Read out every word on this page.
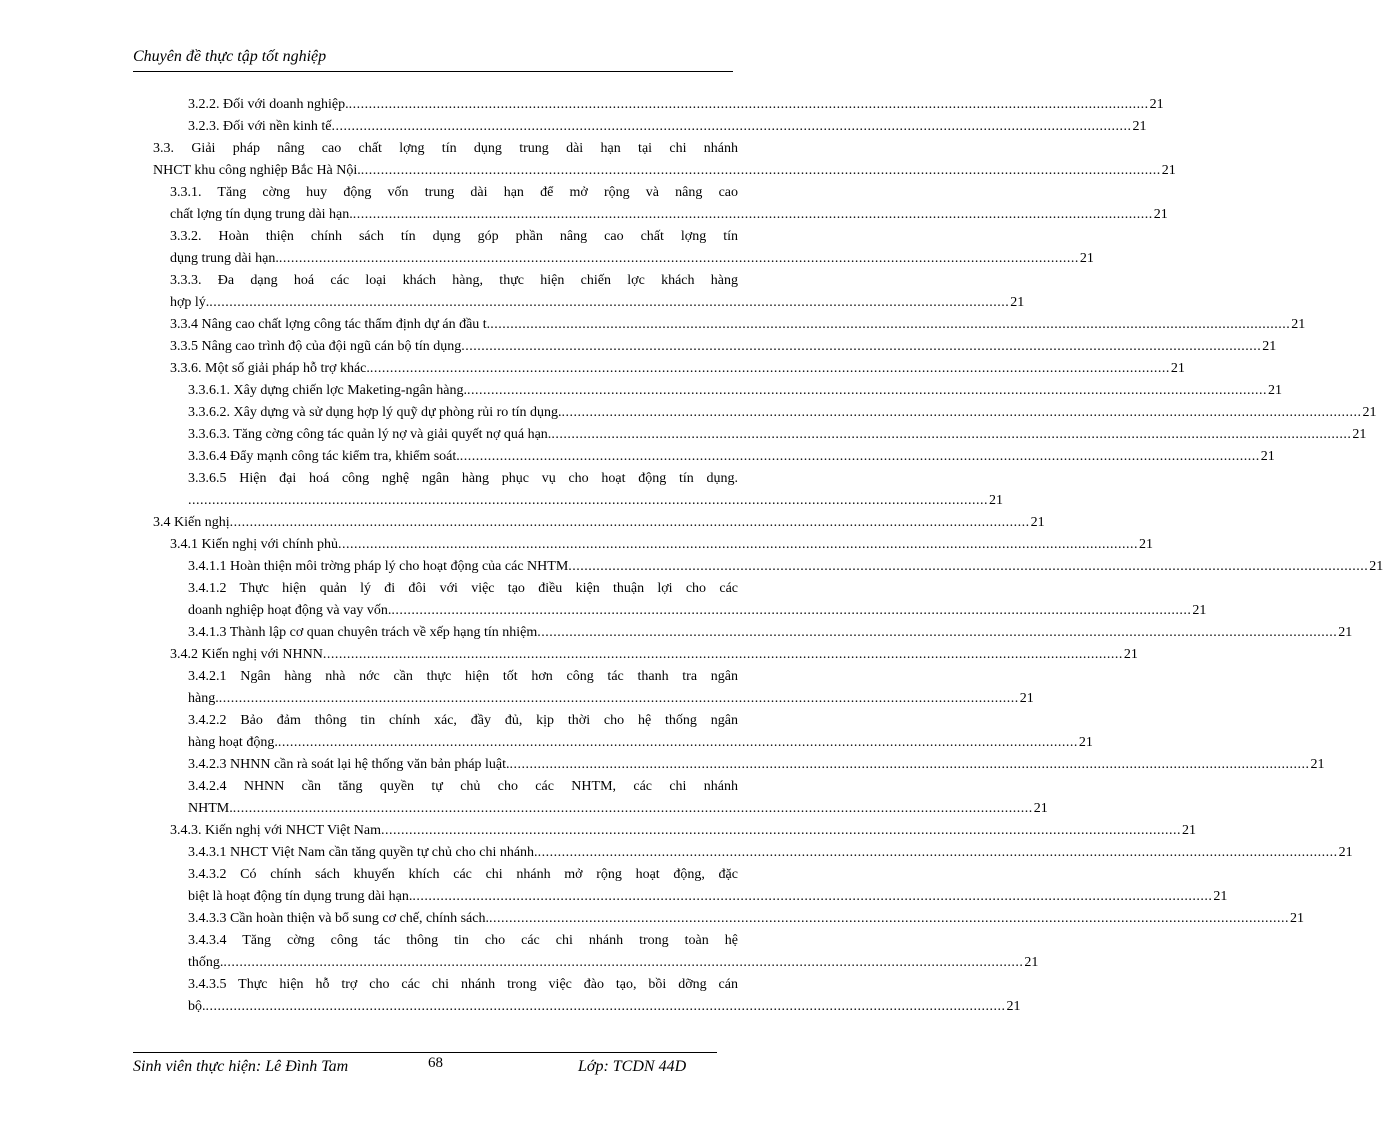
Chuyên đề thực tập tốt nghiệp
3.2.2. Đối với doanh nghiệp. ........................................................................................................................................................................................................ 21
3.2.3. Đối với nền kinh tế ........................................................................................................................................................................................................ 21
3.3. Giải pháp nâng cao chất lợng tín dụng trung dài hạn tại chi nhánh
NHCT khu công nghiệp Bắc Hà Nội. ........................................................................................................................................................................................................ 21
3.3.1. Tăng cờng huy động vốn trung dài hạn để mở rộng và nâng cao
chất lợng tín dụng trung dài hạn. ........................................................................................................................................................................................................ 21
3.3.2. Hoàn thiện chính sách tín dụng góp phần nâng cao chất lợng tín
dụng trung dài hạn. ........................................................................................................................................................................................................ 21
3.3.3. Đa dạng hoá các loại khách hàng, thực hiện chiến lợc khách hàng
hợp lý. ........................................................................................................................................................................................................ 21
3.3.4 Nâng cao chất lợng công tác thẩm định dự án đầu t. ........................................................................................................................................................................................................ 21
3.3.5 Nâng cao trình độ của đội ngũ cán bộ tín dụng ........................................................................................................................................................................................................ 21
3.3.6. Một số giải pháp hỗ trợ khác. ........................................................................................................................................................................................................ 21
3.3.6.1. Xây dựng chiến lợc Maketing-ngân hàng. ........................................................................................................................................................................................................ 21
3.3.6.2. Xây dựng và sử dụng hợp lý quỹ dự phòng rủi ro tín dụng. ........................................................................................................................................................................................................ 21
3.3.6.3. Tăng cờng công tác quản lý nợ và giải quyết nợ quá hạn. ........................................................................................................................................................................................................ 21
3.3.6.4 Đẩy mạnh công tác kiểm tra, khiểm soát. ........................................................................................................................................................................................................ 21
3.3.6.5 Hiện đại hoá công nghệ ngân hàng phục vụ cho hoạt động tín dụng.
........................................................................................................................................................................................................ 21
3.4 Kiến nghị ........................................................................................................................................................................................................ 21
3.4.1 Kiến nghị với chính phủ ........................................................................................................................................................................................................ 21
3.4.1.1 Hoàn thiện môi trờng pháp lý cho hoạt động của các NHTM ........................................................................................................................................................................................................ 21
3.4.1.2 Thực hiện quản lý đi đôi với việc tạo điều kiện thuận lợi cho các
doanh nghiệp hoạt động và vay vốn. ........................................................................................................................................................................................................ 21
3.4.1.3 Thành lập cơ quan chuyên trách về xếp hạng tín nhiệm ........................................................................................................................................................................................................ 21
3.4.2 Kiến nghị với NHNN ........................................................................................................................................................................................................ 21
3.4.2.1 Ngân hàng nhà nớc cần thực hiện tốt hơn công tác thanh tra ngân
hàng. ........................................................................................................................................................................................................ 21
3.4.2.2 Bảo đảm thông tin chính xác, đầy đủ, kịp thời cho hệ thống ngân
hàng hoạt động. ........................................................................................................................................................................................................ 21
3.4.2.3 NHNN cần rà soát lại hệ thống văn bản pháp luật. ........................................................................................................................................................................................................ 21
3.4.2.4 NHNN cần tăng quyền tự chủ cho các NHTM, các chi nhánh
NHTM. ........................................................................................................................................................................................................ 21
3.4.3. Kiến nghị với NHCT Việt Nam ........................................................................................................................................................................................................ 21
3.4.3.1 NHCT Việt Nam cần tăng quyền tự chủ cho chi nhánh. ........................................................................................................................................................................................................ 21
3.4.3.2 Có chính sách khuyến khích các chi nhánh mở rộng hoạt động, đặc
biệt là hoạt động tín dụng trung dài hạn. ........................................................................................................................................................................................................ 21
3.4.3.3 Cần hoàn thiện và bổ sung cơ chế, chính sách. ........................................................................................................................................................................................................ 21
3.4.3.4 Tăng cờng công tác thông tin cho các chi nhánh trong toàn hệ
thống. ........................................................................................................................................................................................................ 21
3.4.3.5 Thực hiện hỗ trợ cho các chi nhánh trong việc đào tạo, bồi dỡng cán
bộ. ........................................................................................................................................................................................................ 21
Sinh viên thực hiện: Lê Đình Tam	68	Lớp: TCDN 44D
